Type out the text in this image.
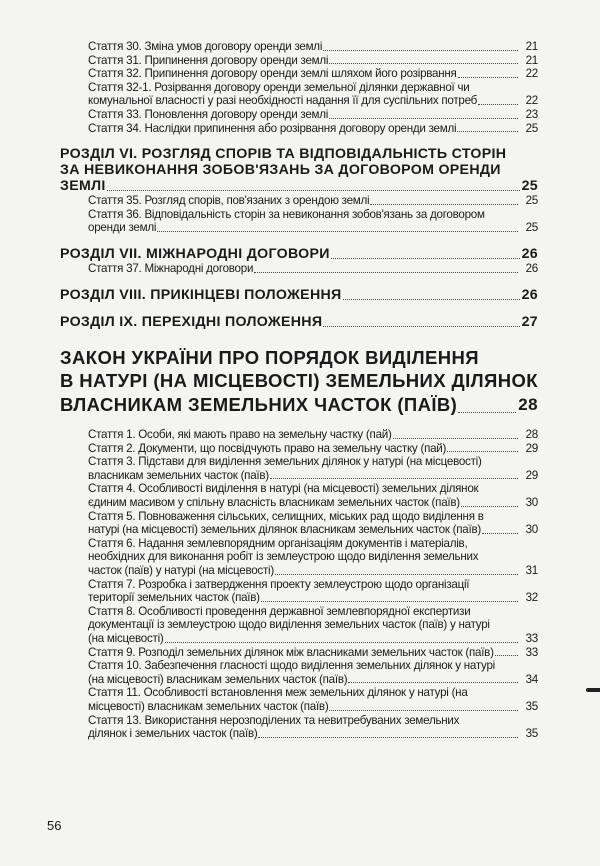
Стаття 30. Зміна умов договору оренди землі	21
Стаття 31. Припинення договору оренди землі	21
Стаття 32. Припинення договору оренди землі шляхом його розірвання	22
Стаття 32-1. Розірвання договору оренди земельної ділянки державної чи
комунальної власності у разі необхідності надання її для суспільних потреб	22
Стаття 33. Поновлення договору оренди землі	23
Стаття 34. Наслідки припинення або розірвання договору оренди землі	25
РОЗДІЛ VI. РОЗГЛЯД СПОРІВ ТА ВІДПОВІДАЛЬНІСТЬ СТОРІН
ЗА НЕВИКОНАННЯ ЗОБОВ'ЯЗАНЬ ЗА ДОГОВОРОМ ОРЕНДИ
ЗЕМЛІ	25
Стаття 35. Розгляд спорів, пов'язаних з орендою землі	25
Стаття 36. Відповідальність сторін за невиконання зобов'язань за договором
оренди землі	25
РОЗДІЛ VII. МІЖНАРОДНІ ДОГОВОРИ	26
Стаття 37. Міжнародні договори	26
РОЗДІЛ VIII. ПРИКІНЦЕВІ ПОЛОЖЕННЯ	26
РОЗДІЛ IX. ПЕРЕХІДНІ ПОЛОЖЕННЯ	27
ЗАКОН УКРАЇНИ ПРО ПОРЯДОК ВИДІЛЕННЯ
В НАТУРІ (НА МІСЦЕВОСТІ) ЗЕМЕЛЬНИХ ДІЛЯНОК
ВЛАСНИКАМ ЗЕМЕЛЬНИХ ЧАСТОК (ПАЇВ)	28
Стаття 1. Особи, які мають право на земельну частку (пай)	28
Стаття 2. Документи, що посвідчують право на земельну частку (пай)	29
Стаття 3. Підстави для виділення земельних ділянок у натурі (на місцевості)
власникам земельних часток (паїв)	29
Стаття 4. Особливості виділення в натурі (на місцевості) земельних ділянок
єдиним масивом у спільну власність власникам земельних часток (паїв)	30
Стаття 5. Повноваження сільських, селищних, міських рад щодо виділення в
натурі (на місцевості) земельних ділянок власникам земельних часток (паїв)	30
Стаття 6. Надання землевпорядним організаціям документів і матеріалів,
необхідних для виконання робіт із землеустрою щодо виділення земельних
часток (паїв) у натурі (на місцевості)	31
Стаття 7. Розробка і затвердження проекту землеустрою щодо організації
території земельних часток (паїв)	32
Стаття 8. Особливості проведення державної землевпорядної експертизи
документації із землеустрою щодо виділення земельних часток (паїв) у натурі
(на місцевості)	33
Стаття 9. Розподіл земельних ділянок між власниками земельних часток (паїв)	33
Стаття 10. Забезпечення гласності щодо виділення земельних ділянок у натурі
(на місцевості) власникам земельних часток (паїв)	34
Стаття 11. Особливості встановлення меж земельних ділянок у натурі (на
місцевості) власникам земельних часток (паїв)	35
Стаття 13. Використання нерозподілених та невитребуваних земельних
ділянок і земельних часток (паїв)	35
56
